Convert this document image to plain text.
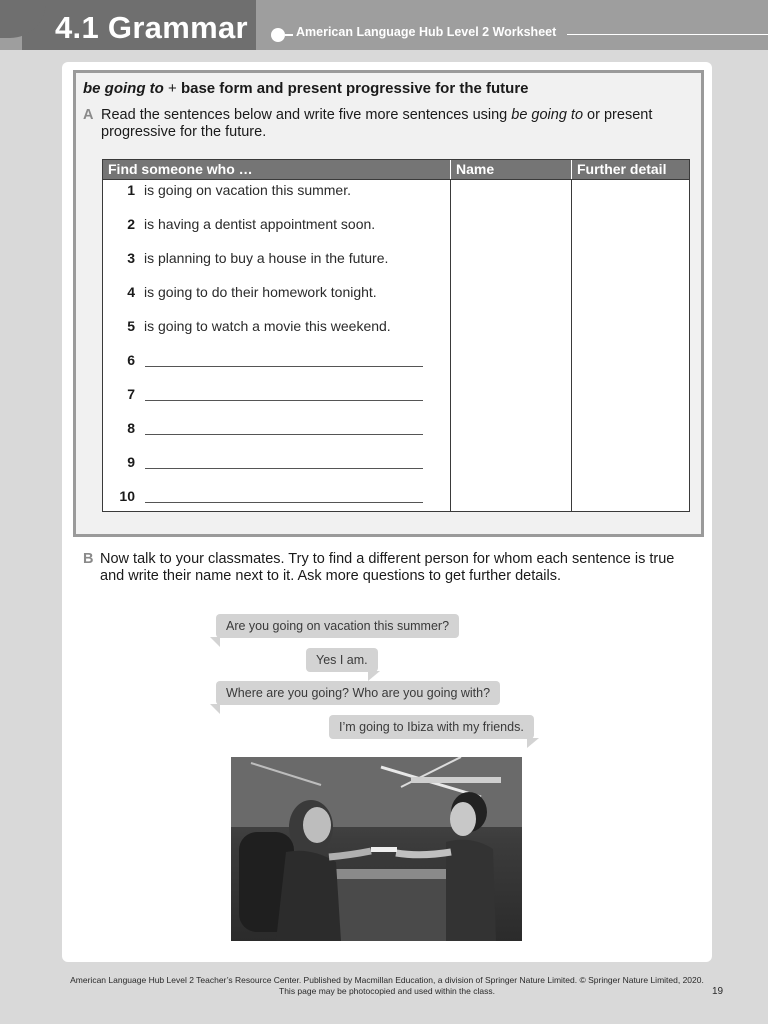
4.1 Grammar	American Language Hub Level 2 Worksheet
be going to + base form and present progressive for the future
A Read the sentences below and write five more sentences using be going to or present
progressive for the future.
Find someone who …	Name	Further detail
1 is going on vacation this summer.
2 is having a dentist appointment soon.
3 is planning to buy a house in the future.
4 is going to do their homework tonight.
5 is going to watch a movie this weekend.
6
7
8
9
10
B Now talk to your classmates. Try to find a different person for whom each sentence is true
and write their name next to it. Ask more questions to get further details.
Are you going on vacation this summer?
Yes I am.
Where are you going? Who are you going with?
I’m going to Ibiza with my friends.
American Language Hub Level 2 Teacher’s Resource Center. Published by Macmillan Education, a division of Springer Nature Limited. © Springer Nature Limited, 2020.
This page may be photocopied and used within the class.	19
